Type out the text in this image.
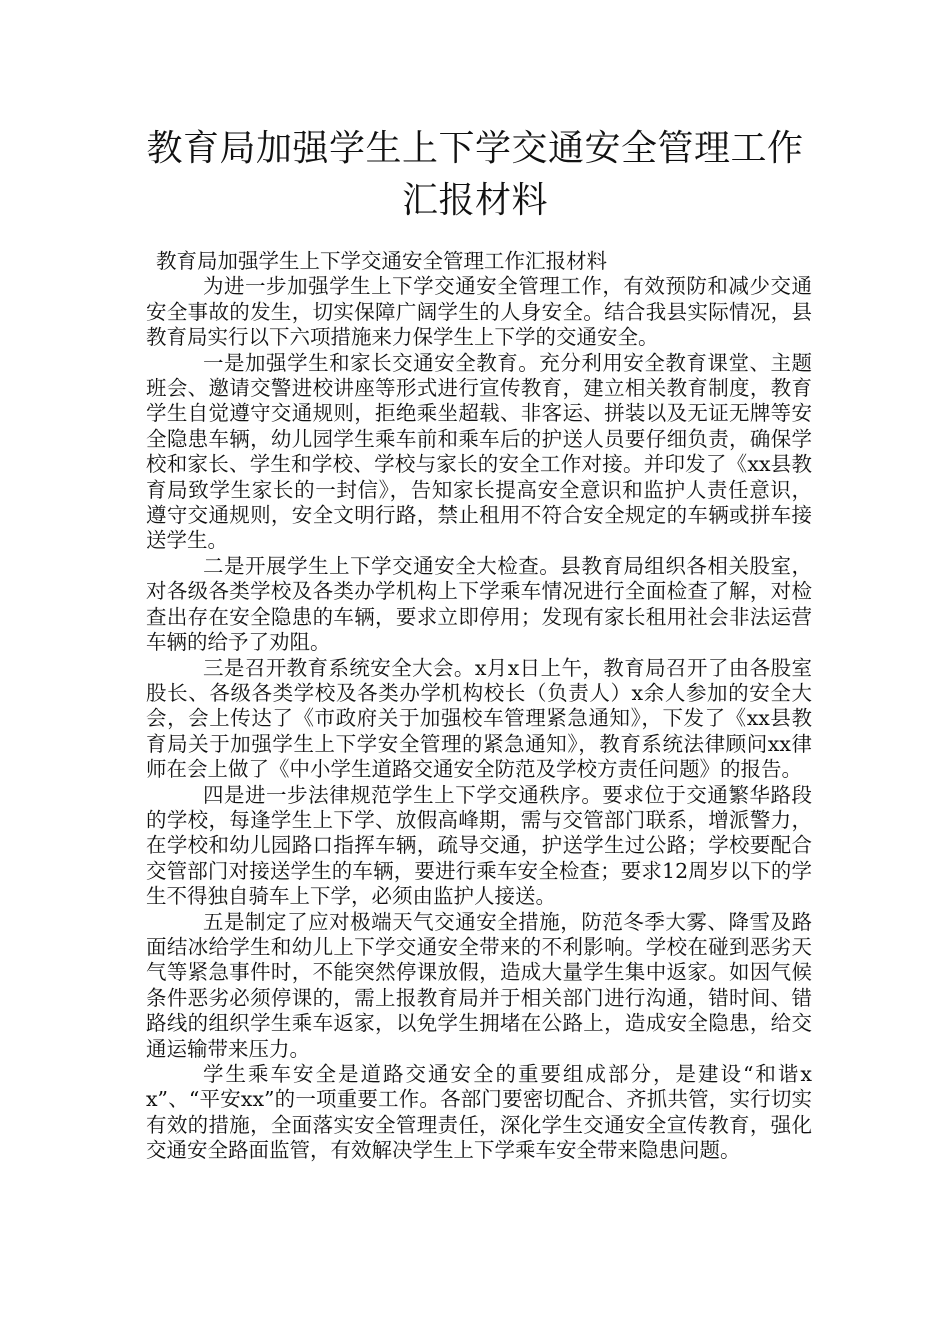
教育局加强学生上下学交通安全管理工作
汇报材料
教育局加强学生上下学交通安全管理工作汇报材料

为进一步加强学生上下学交通安全管理工作，有效预防和减少交通安全事故的发生，切实保障广阔学生的人身安全。结合我县实际情况，县教育局实行以下六项措施来力保学生上下学的交通安全。

一是加强学生和家长交通安全教育。充分利用安全教育课堂、主题班会、邀请交警进校讲座等形式进行宣传教育，建立相关教育制度，教育学生自觉遵守交通规则，拒绝乘坐超载、非客运、拼装以及无证无牌等安全隐患车辆，幼儿园学生乘车前和乘车后的护送人员要仔细负责，确保学校和家长、学生和学校、学校与家长的安全工作对接。并印发了《xx县教育局致学生家长的一封信》，告知家长提高安全意识和监护人责任意识，遵守交通规则，安全文明行路，禁止租用不符合安全规定的车辆或拼车接送学生。

二是开展学生上下学交通安全大检查。县教育局组织各相关股室，对各级各类学校及各类办学机构上下学乘车情况进行全面检查了解，对检查出存在安全隐患的车辆，要求立即停用；发现有家长租用社会非法运营车辆的给予了劝阻。

三是召开教育系统安全大会。x月x日上午，教育局召开了由各股室股长、各级各类学校及各类办学机构校长（负责人）x余人参加的安全大会，会上传达了《市政府关于加强校车管理紧急通知》，下发了《xx县教育局关于加强学生上下学安全管理的紧急通知》，教育系统法律顾问xx律师在会上做了《中小学生道路交通安全防范及学校方责任问题》的报告。

四是进一步法律规范学生上下学交通秩序。要求位于交通繁华路段的学校，每逢学生上下学、放假高峰期，需与交管部门联系，增派警力，在学校和幼儿园路口指挥车辆，疏导交通，护送学生过公路；学校要配合交管部门对接送学生的车辆，要进行乘车安全检查；要求12周岁以下的学生不得独自骑车上下学，必须由监护人接送。

五是制定了应对极端天气交通安全措施，防范冬季大雾、降雪及路面结冰给学生和幼儿上下学交通安全带来的不利影响。学校在碰到恶劣天气等紧急事件时，不能突然停课放假，造成大量学生集中返家。如因气候条件恶劣必须停课的，需上报教育局并于相关部门进行沟通，错时间、错路线的组织学生乘车返家，以免学生拥堵在公路上，造成安全隐患，给交通运输带来压力。

学生乘车安全是道路交通安全的重要组成部分，是建设“和谐xx”、“平安xx”的一项重要工作。各部门要密切配合、齐抓共管，实行切实有效的措施，全面落实安全管理责任，深化学生交通安全宣传教育，强化交通安全路面监管，有效解决学生上下学乘车安全带来隐患问题。
